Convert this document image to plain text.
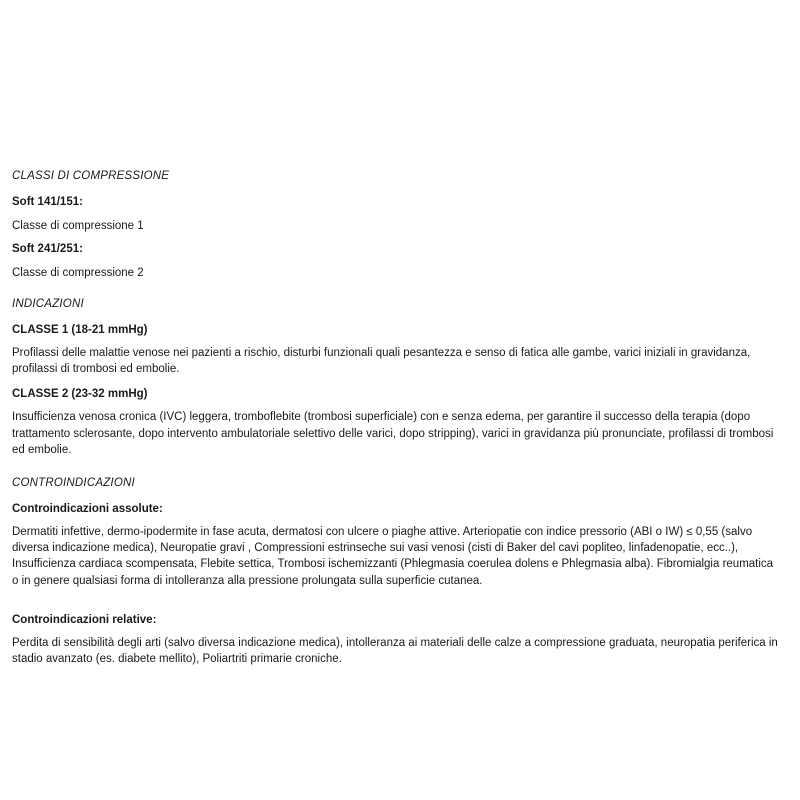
CLASSI DI COMPRESSIONE
Soft 141/151:
Classe di compressione 1
Soft 241/251:
Classe di compressione 2
INDICAZIONI
CLASSE 1 (18-21 mmHg)
Profilassi delle malattie venose nei pazienti a rischio, disturbi funzionali quali pesantezza e senso di fatica alle gambe, varici iniziali in gravidanza, profilassi di trombosi ed embolie.
CLASSE 2 (23-32 mmHg)
Insufficienza venosa cronica (IVC) leggera, tromboflebite (trombosi superficiale) con e senza edema, per garantire il successo della terapia (dopo trattamento sclerosante, dopo intervento ambulatoriale selettivo delle varici, dopo stripping), varici in gravidanza più pronunciate, profilassi di trombosi ed embolie.
CONTROINDICAZIONI
Controindicazioni assolute:
Dermatiti infettive, dermo-ipodermite in fase acuta, dermatosi con ulcere o piaghe attive. Arteriopatie con indice pressorio (ABI o IW) ≤ 0,55 (salvo diversa indicazione medica), Neuropatie gravi , Compressioni estrinseche sui vasi venosi (cisti di Baker del cavi popliteo, linfadenopatie, ecc..), Insufficienza cardiaca scompensata, Flebite settica, Trombosi ischemizzanti (Phlegmasia coerulea dolens e Phlegmasia alba). Fibromialgia reumatica o in genere qualsiasi forma di intolleranza alla pressione prolungata sulla superficie cutanea.
Controindicazioni relative:
Perdita di sensibilità degli arti (salvo diversa indicazione medica), intolleranza ai materiali delle calze a compressione graduata, neuropatia periferica in stadio avanzato (es. diabete mellito), Poliartriti primarie croniche.
